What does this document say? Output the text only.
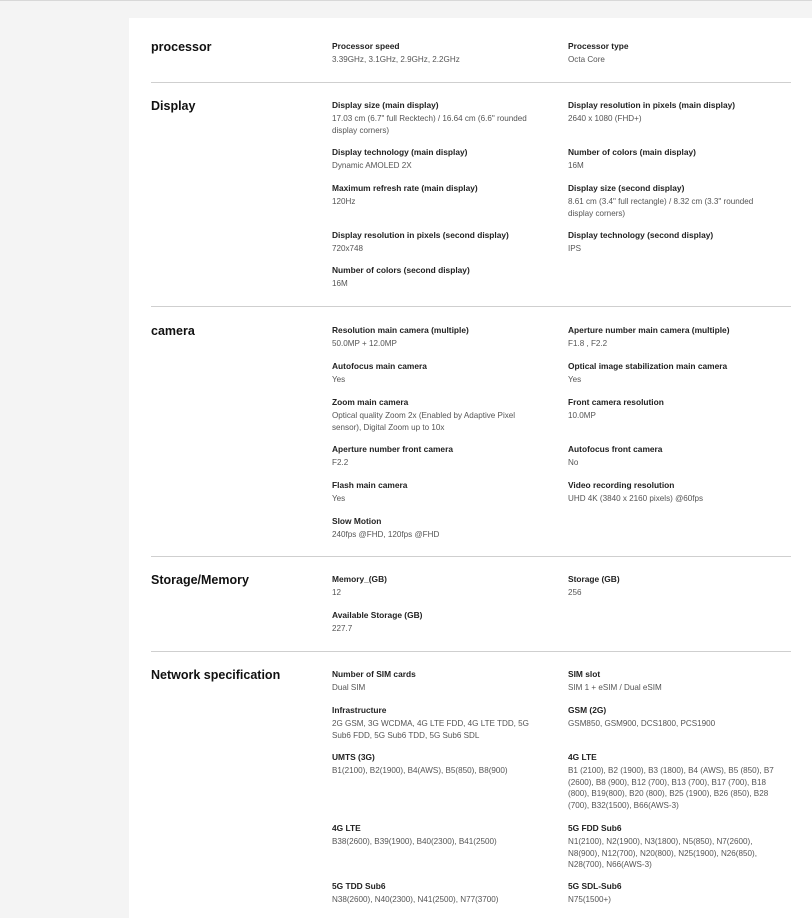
processor	Processor speed
3.39GHz, 3.1GHz, 2.9GHz, 2.2GHz
Processor type
Octa Core
Display	Display size (main display)
17.03 cm (6.7" full Recktech) / 16.64 cm (6.6" rounded display corners)
Display resolution in pixels (main display)
2640 x 1080 (FHD+)
Display technology (main display)
Dynamic AMOLED 2X
Number of colors (main display)
16M
Maximum refresh rate (main display)
120Hz
Display size (second display)
8.61 cm (3.4" full rectangle) / 8.32 cm (3.3" rounded display corners)
Display resolution in pixels (second display)
720x748
Display technology (second display)
IPS
Number of colors (second display)
16M
camera	Resolution main camera (multiple)
50.0MP + 12.0MP
Aperture number main camera (multiple)
F1.8 , F2.2
Autofocus main camera
Yes
Optical image stabilization main camera
Yes
Zoom main camera
Optical quality Zoom 2x (Enabled by Adaptive Pixel sensor), Digital Zoom up to 10x
Front camera resolution
10.0MP
Aperture number front camera
F2.2
Autofocus front camera
No
Flash main camera
Yes
Video recording resolution
UHD 4K (3840 x 2160 pixels) @60fps
Slow Motion
240fps @FHD, 120fps @FHD
Storage/Memory	Memory_(GB)
12
Storage (GB)
256
Available Storage (GB)
227.7
Network specification	Number of SIM cards
Dual SIM
SIM slot
SIM 1 + eSIM / Dual eSIM
Infrastructure
2G GSM, 3G WCDMA, 4G LTE FDD, 4G LTE TDD, 5G Sub6 FDD, 5G Sub6 TDD, 5G Sub6 SDL
GSM (2G)
GSM850, GSM900, DCS1800, PCS1900
UMTS (3G)
B1(2100), B2(1900), B4(AWS), B5(850), B8(900)
4G LTE
B1 (2100), B2 (1900), B3 (1800), B4 (AWS), B5 (850), B7 (2600), B8 (900), B12 (700), B13 (700), B17 (700), B18 (800), B19(800), B20 (800), B25 (1900), B26 (850), B28 (700), B32(1500), B66(AWS-3)
4G LTE
B38(2600), B39(1900), B40(2300), B41(2500)
5G FDD Sub6
N1(2100), N2(1900), N3(1800), N5(850), N7(2600), N8(900), N12(700), N20(800), N25(1900), N26(850), N28(700), N66(AWS-3)
5G TDD Sub6
N38(2600), N40(2300), N41(2500), N77(3700)
5G SDL-Sub6
N75(1500+)
